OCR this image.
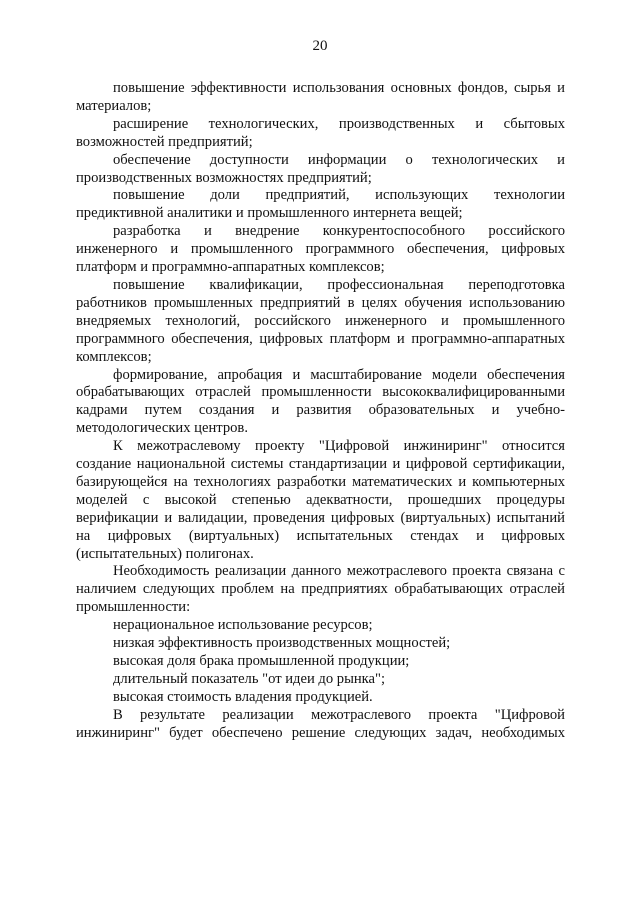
20

повышение эффективности использования основных фондов, сырья и материалов;

расширение технологических, производственных и сбытовых возможностей предприятий;

обеспечение доступности информации о технологических и производственных возможностях предприятий;

повышение доли предприятий, использующих технологии предиктивной аналитики и промышленного интернета вещей;

разработка и внедрение конкурентоспособного российского инженерного и промышленного программного обеспечения, цифровых платформ и программно-аппаратных комплексов;

повышение квалификации, профессиональная переподготовка работников промышленных предприятий в целях обучения использованию внедряемых технологий, российского инженерного и промышленного программного обеспечения, цифровых платформ и программно-аппаратных комплексов;

формирование, апробация и масштабирование модели обеспечения обрабатывающих отраслей промышленности высококвалифицированными кадрами путем создания и развития образовательных и учебно-методологических центров.

К межотраслевому проекту "Цифровой инжиниринг" относится создание национальной системы стандартизации и цифровой сертификации, базирующейся на технологиях разработки математических и компьютерных моделей с высокой степенью адекватности, прошедших процедуры верификации и валидации, проведения цифровых (виртуальных) испытаний на цифровых (виртуальных) испытательных стендах и цифровых (испытательных) полигонах.

Необходимость реализации данного межотраслевого проекта связана с наличием следующих проблем на предприятиях обрабатывающих отраслей промышленности:

нерациональное использование ресурсов;

низкая эффективность производственных мощностей;

высокая доля брака промышленной продукции;

длительный показатель "от идеи до рынка";

высокая стоимость владения продукцией.

В результате реализации межотраслевого проекта "Цифровой инжиниринг" будет обеспечено решение следующих задач, необходимых
